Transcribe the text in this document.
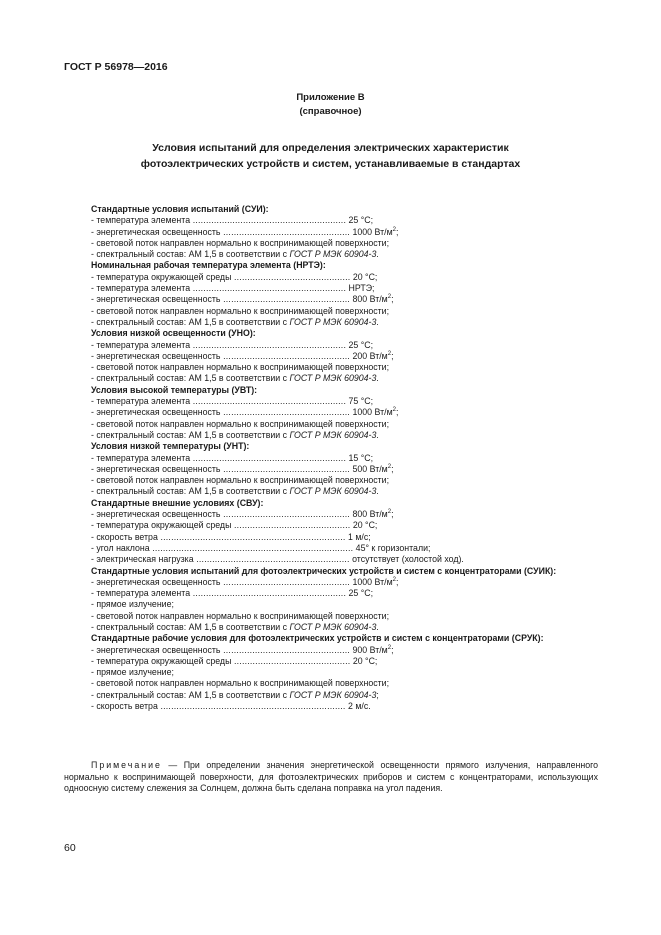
ГОСТ Р 56978—2016
Приложение В
(справочное)
Условия испытаний для определения электрических характеристик
фотоэлектрических устройств и систем, устанавливаемые в стандартах
Стандартные условия испытаний (СУИ):
- температура элемента .......................................................... 25 °С;
- энергетическая освещенность ................................................ 1000 $Вт/м^2$;
- световой поток направлен нормально к воспринимающей поверхности;
- спектральный состав: AM 1,5 в соответствии с ГОСТ Р МЭК 60904-3.
Номинальная рабочая температура элемента (НРТЭ):
- температура окружающей среды ............................................ 20 °С;
- температура элемента .......................................................... НРТЭ;
- энергетическая освещенность ................................................ 800 $Вт/м^2$;
- световой поток направлен нормально к воспринимающей поверхности;
- спектральный состав: AM 1,5 в соответствии с ГОСТ Р МЭК 60904-3.
Условия низкой освещенности (УНО):
- температура элемента .......................................................... 25 °С;
- энергетическая освещенность ................................................ 200 $Вт/м^2$;
- световой поток направлен нормально к воспринимающей поверхности;
- спектральный состав: AM 1,5 в соответствии с ГОСТ Р МЭК 60904-3.
Условия высокой температуры (УВТ):
- температура элемента .......................................................... 75 °С;
- энергетическая освещенность ................................................ 1000 $Вт/м^2$;
- световой поток направлен нормально к воспринимающей поверхности;
- спектральный состав: AM 1,5 в соответствии с ГОСТ Р МЭК 60904-3.
Условия низкой температуры (УНТ):
- температура элемента .......................................................... 15 °С;
- энергетическая освещенность ................................................ 500 $Вт/м^2$;
- световой поток направлен нормально к воспринимающей поверхности;
- спектральный состав: AM 1,5 в соответствии с ГОСТ Р МЭК 60904-3.
Стандартные внешние условиях (СВУ):
- энергетическая освещенность ................................................ 800 $Вт/м^2$;
- температура окружающей среды ............................................ 20 °С;
- скорость ветра ...................................................................... 1 м/с;
- угол наклона ............................................................................ 45° к горизонтали;
- электрическая нагрузка .......................................................... отсутствует (холостой ход).
Стандартные условия испытаний для фотоэлектрических устройств и систем с концентраторами (СУИК):
- энергетическая освещенность ................................................ 1000 $Вт/м^2$;
- температура элемента .......................................................... 25 °С;
- прямое излучение;
- световой поток направлен нормально к воспринимающей поверхности;
- спектральный состав: AM 1,5 в соответствии с ГОСТ Р МЭК 60904-3.
Стандартные рабочие условия для фотоэлектрических устройств и систем с концентраторами (СРУК):
- энергетическая освещенность ................................................ 900 $Вт/м^2$;
- температура окружающей среды ............................................ 20 °С;
- прямое излучение;
- световой поток направлен нормально к воспринимающей поверхности;
- спектральный состав: AM 1,5 в соответствии с ГОСТ Р МЭК 60904-3;
- скорость ветра ...................................................................... 2 м/с.
Примечание — При определении значения энергетической освещенности прямого излучения, направленного нормально к воспринимающей поверхности, для фотоэлектрических приборов и систем с концентраторами, использующих одноосную систему слежения за Солнцем, должна быть сделана поправка на угол падения.
60
